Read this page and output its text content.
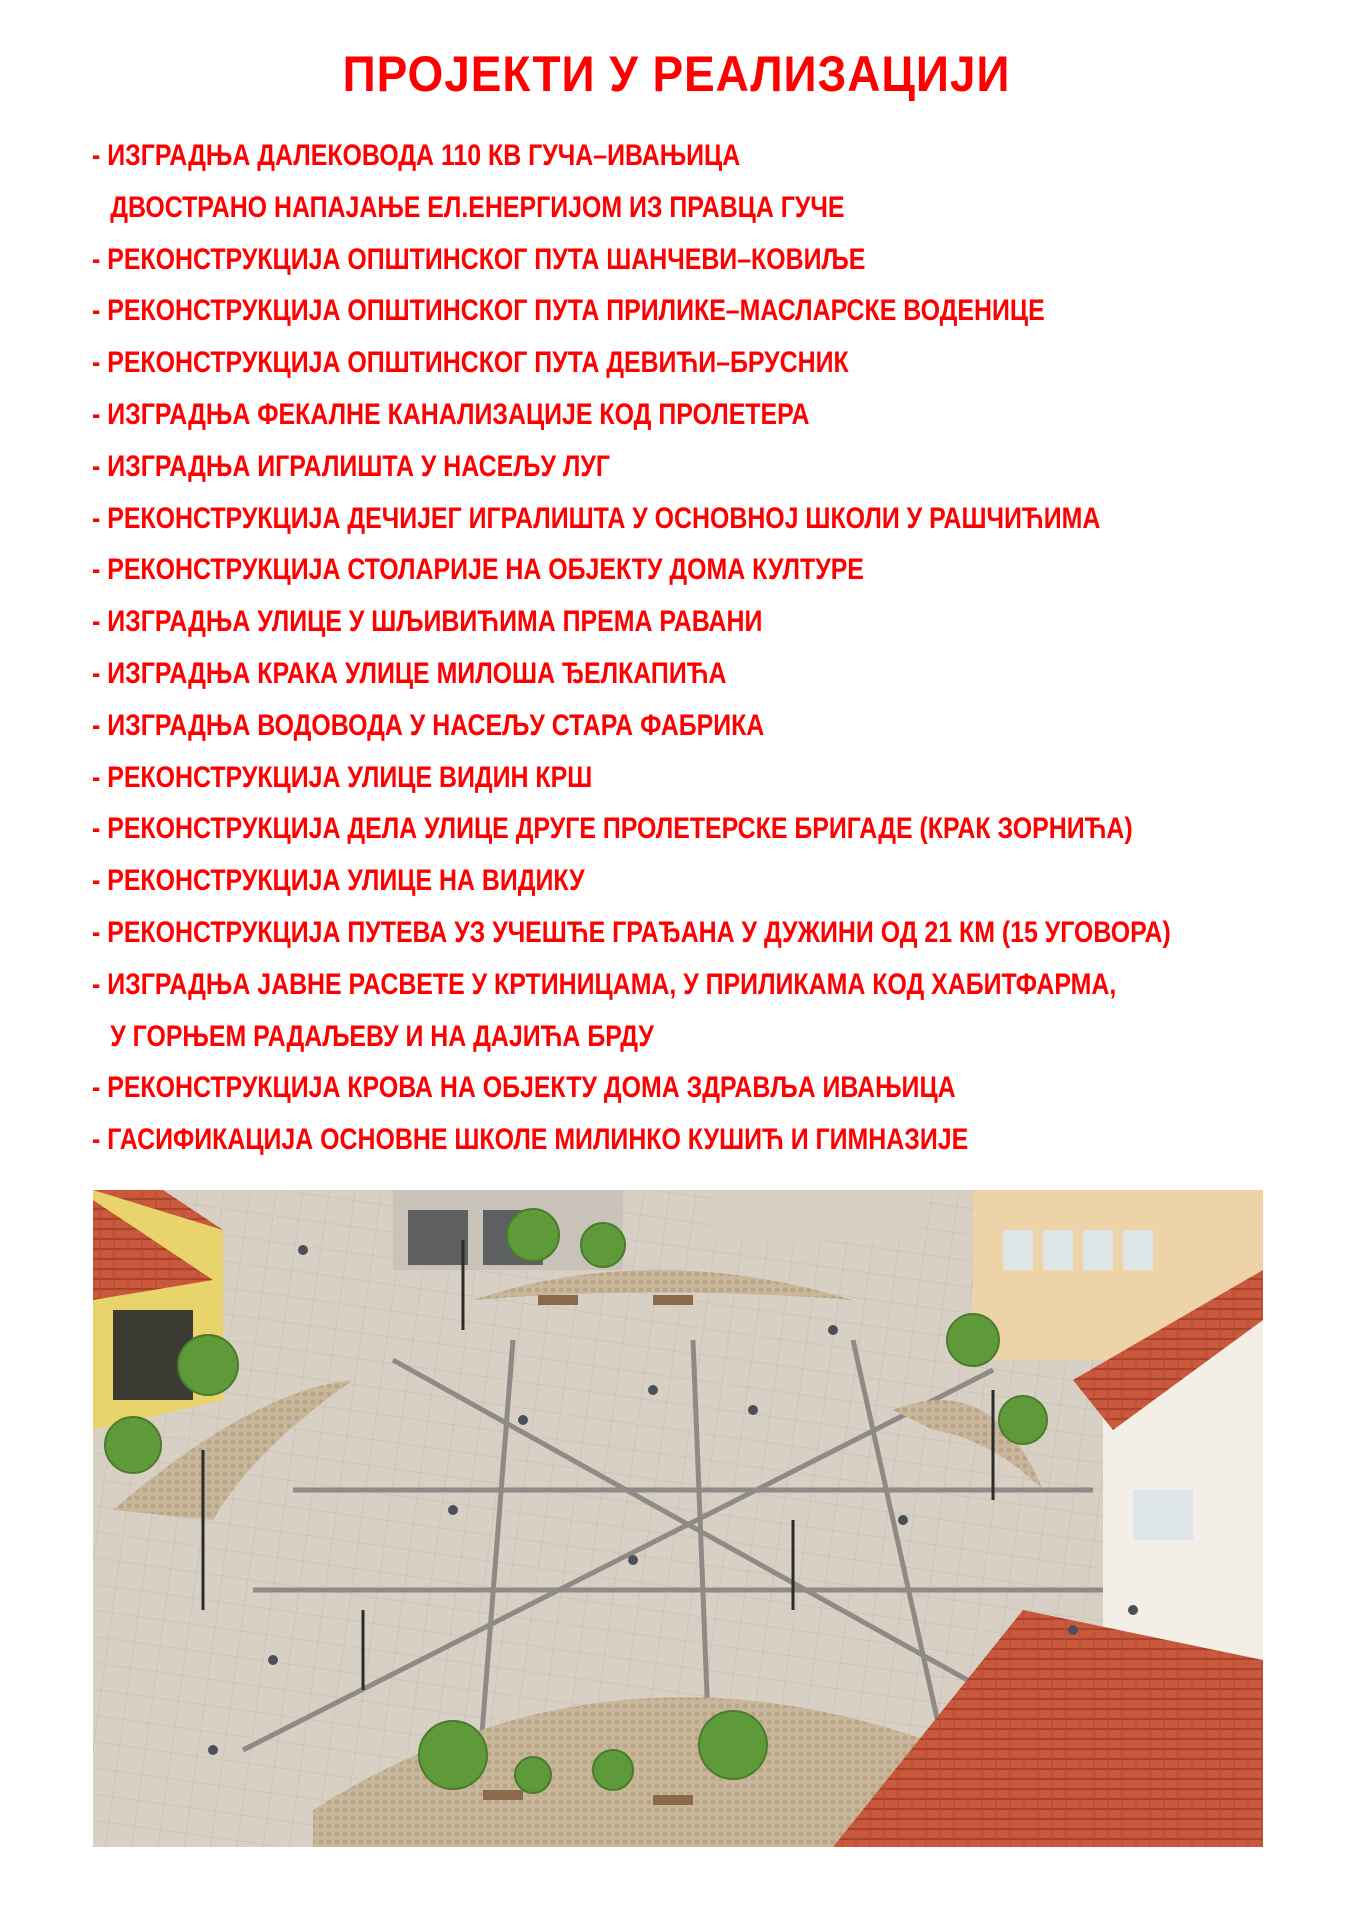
ПРОЈЕКТИ У РЕАЛИЗАЦИЈИ
- ИЗГРАДЊА ДАЛЕКОВОДА 110 КВ ГУЧА–ИВАЊИЦА
ДВОСТРАНО НАПАЈАЊЕ ЕЛ.ЕНЕРГИЈОМ ИЗ ПРАВЦА ГУЧЕ
- РЕКОНСТРУКЦИЈА ОПШТИНСКОГ ПУТА ШАНЧЕВИ–КОВИЉЕ
- РЕКОНСТРУКЦИЈА ОПШТИНСКОГ ПУТА ПРИЛИКЕ–МАСЛАРСКЕ ВОДЕНИЦЕ
- РЕКОНСТРУКЦИЈА ОПШТИНСКОГ ПУТА ДЕВИЋИ–БРУСНИК
- ИЗГРАДЊА ФЕКАЛНЕ КАНАЛИЗАЦИЈЕ КОД ПРОЛЕТЕРА
- ИЗГРАДЊА ИГРАЛИШТА У НАСЕЉУ ЛУГ
- РЕКОНСТРУКЦИЈА ДЕЧИЈЕГ ИГРАЛИШТА У ОСНОВНОЈ ШКОЛИ У РАШЧИЋИМА
- РЕКОНСТРУКЦИЈА СТОЛАРИЈЕ НА ОБЈЕКТУ ДОМА КУЛТУРЕ
- ИЗГРАДЊА УЛИЦЕ У ШЉИВИЋИМА ПРЕМА РАВАНИ
- ИЗГРАДЊА КРАКА УЛИЦЕ МИЛОША ЂЕЛКАПИЋА
- ИЗГРАДЊА ВОДОВОДА У НАСЕЉУ СТАРА ФАБРИКА
- РЕКОНСТРУКЦИЈА УЛИЦЕ ВИДИН КРШ
- РЕКОНСТРУКЦИЈА ДЕЛА УЛИЦЕ ДРУГЕ ПРОЛЕТЕРСКЕ БРИГАДЕ (КРАК ЗОРНИЋА)
- РЕКОНСТРУКЦИЈА УЛИЦЕ НА ВИДИКУ
- РЕКОНСТРУКЦИЈА ПУТЕВА УЗ УЧЕШЋЕ ГРАЂАНА У ДУЖИНИ ОД 21 КМ (15 УГОВОРА)
- ИЗГРАДЊА ЈАВНЕ РАСВЕТЕ У КРТИНИЦАМА, У ПРИЛИКАМА КОД ХАБИТФАРМА,
У ГОРЊЕМ РАДАЉЕВУ И НА ДАЈИЋА БРДУ
- РЕКОНСТРУКЦИЈА КРОВА НА ОБЈЕКТУ ДОМА ЗДРАВЉА ИВАЊИЦА
- ГАСИФИКАЦИЈА ОСНОВНЕ ШКОЛЕ МИЛИНКО КУШИЋ И ГИМНАЗИЈЕ
